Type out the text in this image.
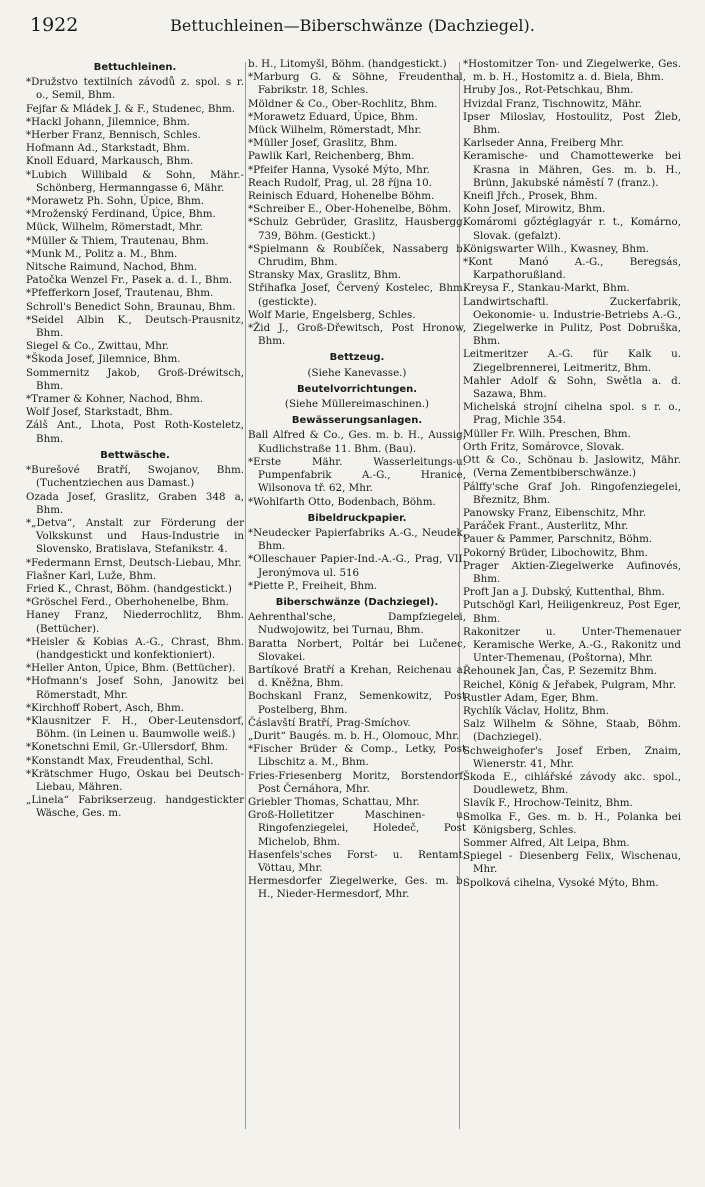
1922	Bettuchleinen—Biberschwänze (Dachziegel).
Bettuchleinen.
*Družstvo textilních závodů z. spol. s r. o., Semil, Bhm.
Fejfar & Mládek J. & F., Studenec, Bhm.
*Hackl Johann, Jilemnice, Bhm.
*Herber Franz, Bennisch, Schles.
Hofmann Ad., Starkstadt, Bhm.
Knoll Eduard, Markausch, Bhm.
*Lubich Willibald & Sohn, Mähr.-Schönberg, Hermanngasse 6, Mähr.
*Morawetz Ph. Sohn, Úpice, Bhm.
*Mroženský Ferdinand, Úpice, Bhm.
Mück, Wilhelm, Römerstadt, Mhr.
*Müller & Thiem, Trautenau, Bhm.
*Munk M., Politz a. M., Bhm.
Nitsche Raimund, Nachod, Bhm.
Patočka Wenzel Fr., Pasek a. d. I., Bhm.
*Pfefferkorn Josef, Trautenau, Bhm.
Schroll's Benedict Sohn, Braunau, Bhm.
*Seidel Albin K., Deutsch-Prausnitz, Bhm.
Siegel & Co., Zwittau, Mhr.
*Škoda Josef, Jilemnice, Bhm.
Sommernitz Jakob, Groß-Dréwitsch, Bhm.
*Tramer & Kohner, Nachod, Bhm.
Wolf Josef, Starkstadt, Bhm.
Zálš Ant., Lhota, Post Roth-Kosteletz, Bhm.
Bettwäsche.
*Burešové Bratří, Swojanov, Bhm. (Tuchentziechen aus Damast.)
Ozada Josef, Graslitz, Graben 348 a, Bhm.
*„Detva“, Anstalt zur Förderung der Volkskunst und Haus-Industrie in Slovensko, Bratislava, Stefanikstr. 4.
*Federmann Ernst, Deutsch-Liebau, Mhr.
Flašner Karl, Luže, Bhm.
Fried K., Chrast, Böhm. (handgestickt.)
*Gröschel Ferd., Oberhohenelbe, Bhm.
Haney Franz, Niederrochlitz, Bhm. (Bettücher).
*Heisler & Kobias A.-G., Chrast, Bhm. (handgestickt und konfektioniert).
*Heller Anton, Úpice, Bhm. (Bettücher).
*Hofmann's Josef Sohn, Janowitz bei Römerstadt, Mhr.
*Kirchhoff Robert, Asch, Bhm.
*Klausnitzer F. H., Ober-Leutensdorf, Böhm. (in Leinen u. Baumwolle weiß.)
*Konetschni Emil, Gr.-Ullersdorf, Bhm.
*Konstandt Max, Freudenthal, Schl.
*Krätschmer Hugo, Oskau bei Deutsch-Liebau, Mähren.
„Linela“ Fabrikserzeug. handgestickter Wäsche, Ges. m.
b. H., Litomyšl, Böhm. (handgestickt.)
*Marburg G. & Söhne, Freudenthal, Fabrikstr. 18, Schles.
Möldner & Co., Ober-Rochlitz, Bhm.
*Morawetz Eduard, Úpice, Bhm.
Mück Wilhelm, Römerstadt, Mhr.
*Müller Josef, Graslitz, Bhm.
Pawlik Karl, Reichenberg, Bhm.
*Pfeifer Hanna, Vysoké Mýto, Mhr.
Reach Rudolf, Prag, ul. 28 října 10.
Reinisch Eduard, Hohenelbe Böhm.
*Schreiber E., Ober-Hohenelbe, Böhm.
*Schulz Gebrüder, Graslitz, Hausbergg. 739, Böhm. (Gestickt.)
*Spielmann & Roubíček, Nassaberg b. Chrudim, Bhm.
Stransky Max, Graslitz, Bhm.
Střihafka Josef, Červený Kostelec, Bhm. (gestickte).
Wolf Marie, Engelsberg, Schles.
*Žid J., Groß-Dřewitsch, Post Hronow, Bhm.
Bettzeug.
(Siehe Kanevasse.)
Beutelvorrichtungen.
(Siehe Müllereimaschinen.)
Bewässerungsanlagen.
Ball Alfred & Co., Ges. m. b. H., Aussig, Kudlichstraße 11. Bhm. (Bau).
*Erste Mähr. Wasserleitungs-u. Pumpenfabrik A.-G., Hranice, Wilsonova tř. 62, Mhr.
*Wohlfarth Otto, Bodenbach, Böhm.
Bibeldruckpapier.
*Neudecker Papierfabriks A.-G., Neudek, Bhm.
*Olleschauer Papier-Ind.-A.-G., Prag, VII. Jeronýmova ul. 516
*Piette P., Freiheit, Bhm.
Biberschwänze (Dachziegel).
Aehrenthal'sche, Dampfziegelei, Nudwojowitz, bei Turnau, Bhm.
Baratta Norbert, Poltár bei Lučenec, Slovakei.
Bartíkové Bratří a Krehan, Reichenau a. d. Kněžna, Bhm.
Bochskanl Franz, Semenkowitz, Post Postelberg, Bhm.
Čáslavští Bratří, Prag-Smíchov.
„Durit“ Baugés. m. b. H., Olomouc, Mhr.
*Fischer Brüder & Comp., Letky, Post Libschitz a. M., Bhm.
Fries-Friesenberg Moritz, Borstendorf, Post Černáhora, Mhr.
Griebler Thomas, Schattau, Mhr.
Groß-Holletitzer Maschinen- u. Ringofenziegelei, Holedeč, Post Michelob, Bhm.
Hasenfels'sches Forst- u. Rentamt, Vöttau, Mhr.
Hermesdorfer Ziegelwerke, Ges. m. b. H., Nieder-Hermesdorf, Mhr.
*Hostomitzer Ton- und Ziegelwerke, Ges. m. b. H., Hostomitz a. d. Biela, Bhm.
Hruby Jos., Rot-Petschkau, Bhm.
Hvizdal Franz, Tischnowitz, Mähr.
Ipser Miloslav, Hostoulitz, Post Žleb, Bhm.
Karlseder Anna, Freiberg Mhr.
Keramische- und Chamottewerke bei Krasna in Mähren, Ges. m. b. H., Brünn, Jakubské náměstí 7 (franz.).
Kneifl Jřch., Prosek, Bhm.
Kohn Josef, Mirowitz, Bhm.
Komáromi gőztéglagyár r. t., Komárno, Slovak. (gefalzt).
Königswarter Wilh., Kwasney, Bhm.
*Kont Manó A.-G., Beregsás, Karpathorußland.
Kreysa F., Stankau-Markt, Bhm.
Landwirtschaftl. Zuckerfabrik, Oekonomie- u. Industrie-Betriebs A.-G., Ziegelwerke in Pulitz, Post Dobruška, Bhm.
Leitmeritzer A.-G. für Kalk u. Ziegelbrennerei, Leitmeritz, Bhm.
Mahler Adolf & Sohn, Swětla a. d. Sazawa, Bhm.
Michelská strojní cihelna spol. s r. o., Prag, Michle 354.
Müller Fr. Wilh. Preschen, Bhm.
Orth Fritz, Somárovce, Slovak.
Ott & Co., Schönau b. Jaslowitz, Mähr. (Verna Zementbiberschwänze.)
Pálffy'sche Graf Joh. Ringofenziegelei, Březnitz, Bhm.
Panowsky Franz, Eibenschitz, Mhr.
Paráček Frant., Austerlitz, Mhr.
Pauer & Pammer, Parschnitz, Böhm.
Pokorný Brüder, Libochowitz, Bhm.
Prager Aktien-Ziegelwerke Aufinovés, Bhm.
Proft Jan a J. Dubský, Kuttenthal, Bhm.
Putschögl Karl, Heiligenkreuz, Post Eger, Bhm.
Rakonitzer u. Unter-Themenauer Keramische Werke, A.-G., Rakonitz und Unter-Themenau, (Poštorna), Mhr.
Řehounek Jan, Čas, P. Sezemitz Bhm.
Reichel, König & Jeřabek, Pulgram, Mhr.
Rustler Adam, Eger, Bhm.
Rychlík Václav, Holitz, Bhm.
Salz Wilhelm & Söhne, Staab, Böhm. (Dachziegel).
Schweighofer's Josef Erben, Znaim, Wienerstr. 41, Mhr.
Škoda E., cihlářské závody akc. spol., Doudlewetz, Bhm.
Slavík F., Hrochow-Teinitz, Bhm.
Smolka F., Ges. m. b. H., Polanka bei Königsberg, Schles.
Sommer Alfred, Alt Leipa, Bhm.
Spiegel - Diesenberg Felix, Wischenau, Mhr.
Spolková cihelna, Vysoké Mýto, Bhm.
